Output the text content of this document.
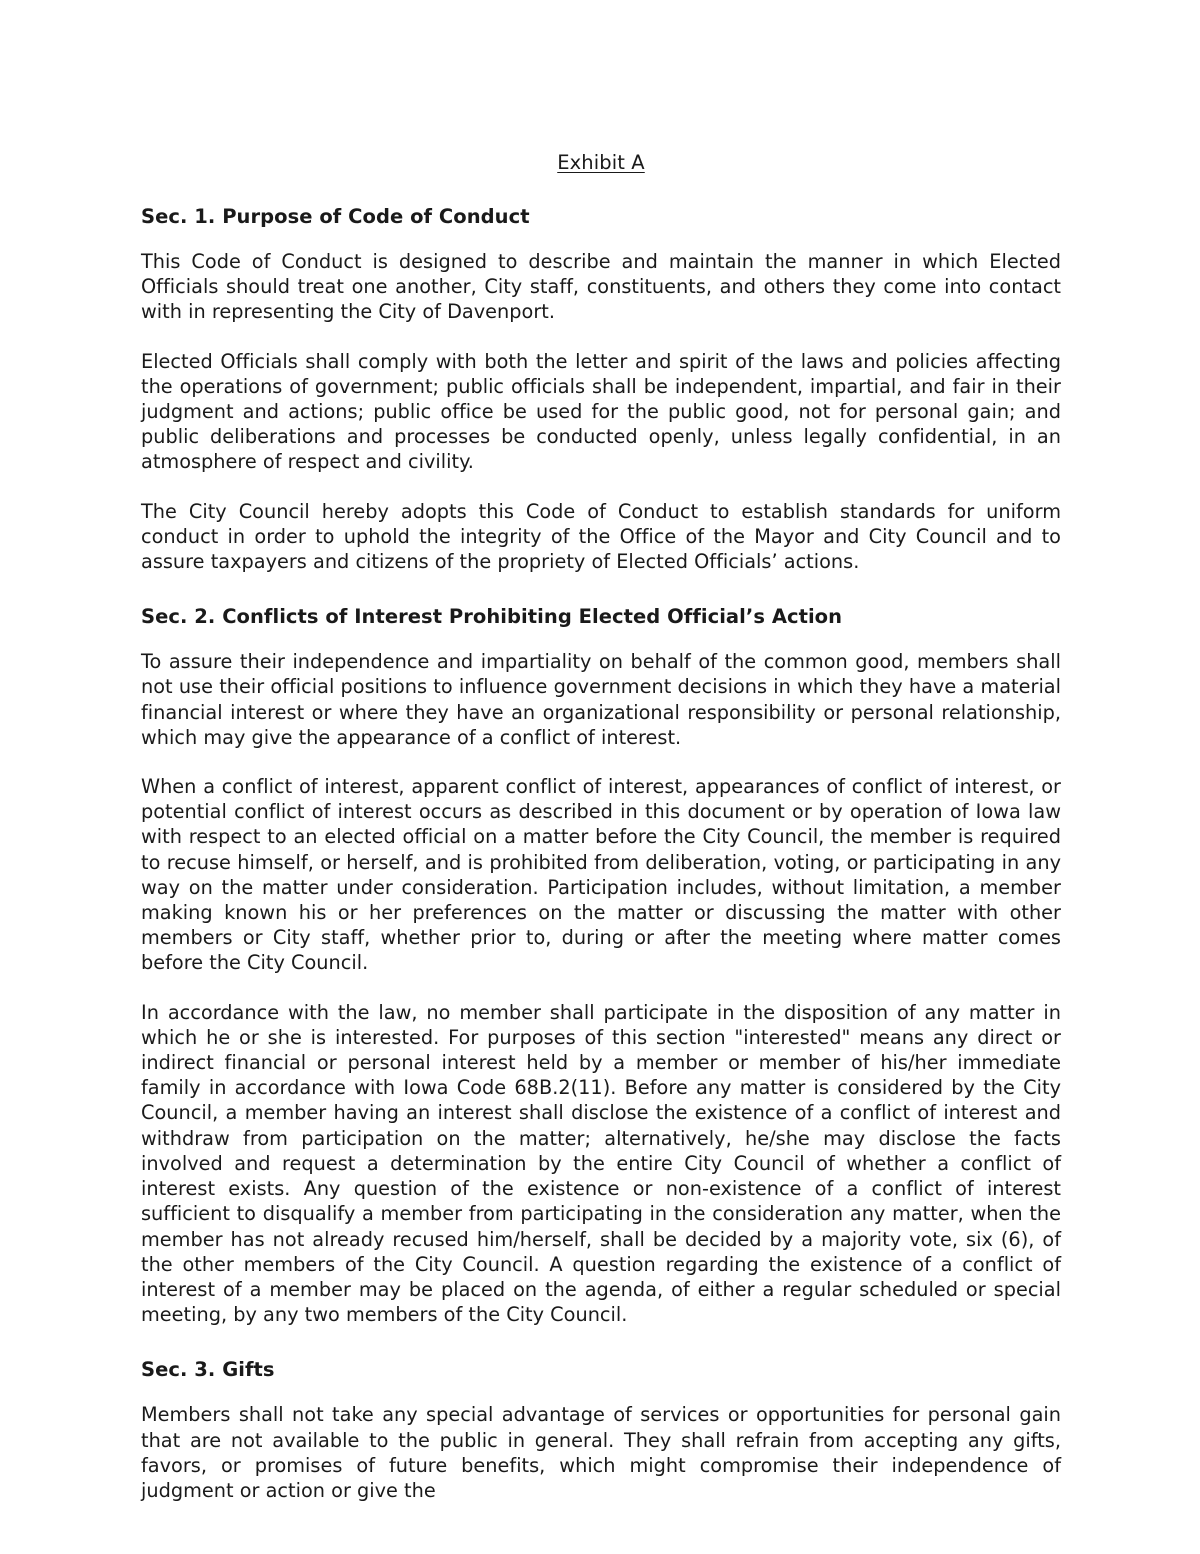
Exhibit A
Sec. 1. Purpose of Code of Conduct

This Code of Conduct is designed to describe and maintain the manner in which Elected Officials should treat one another, City staff, constituents, and others they come into contact with in representing the City of Davenport.

Elected Officials shall comply with both the letter and spirit of the laws and policies affecting the operations of government; public officials shall be independent, impartial, and fair in their judgment and actions; public office be used for the public good, not for personal gain; and public deliberations and processes be conducted openly, unless legally confidential, in an atmosphere of respect and civility.

The City Council hereby adopts this Code of Conduct to establish standards for uniform conduct in order to uphold the integrity of the Office of the Mayor and City Council and to assure taxpayers and citizens of the propriety of Elected Officials’ actions.

Sec. 2. Conflicts of Interest Prohibiting Elected Official’s Action

To assure their independence and impartiality on behalf of the common good, members shall not use their official positions to influence government decisions in which they have a material financial interest or where they have an organizational responsibility or personal relationship, which may give the appearance of a conflict of interest.

When a conflict of interest, apparent conflict of interest, appearances of conflict of interest, or potential conflict of interest occurs as described in this document or by operation of Iowa law with respect to an elected official on a matter before the City Council, the member is required to recuse himself, or herself, and is prohibited from deliberation, voting, or participating in any way on the matter under consideration. Participation includes, without limitation, a member making known his or her preferences on the matter or discussing the matter with other members or City staff, whether prior to, during or after the meeting where matter comes before the City Council.

In accordance with the law, no member shall participate in the disposition of any matter in which he or she is interested. For purposes of this section "interested" means any direct or indirect financial or personal interest held by a member or member of his/her immediate family in accordance with Iowa Code 68B.2(11). Before any matter is considered by the City Council, a member having an interest shall disclose the existence of a conflict of interest and withdraw from participation on the matter; alternatively, he/she may disclose the facts involved and request a determination by the entire City Council of whether a conflict of interest exists. Any question of the existence or non-existence of a conflict of interest sufficient to disqualify a member from participating in the consideration any matter, when the member has not already recused him/herself, shall be decided by a majority vote, six (6), of the other members of the City Council. A question regarding the existence of a conflict of interest of a member may be placed on the agenda, of either a regular scheduled or special meeting, by any two members of the City Council.

Sec. 3. Gifts

Members shall not take any special advantage of services or opportunities for personal gain that are not available to the public in general. They shall refrain from accepting any gifts, favors, or promises of future benefits, which might compromise their independence of judgment or action or give the
